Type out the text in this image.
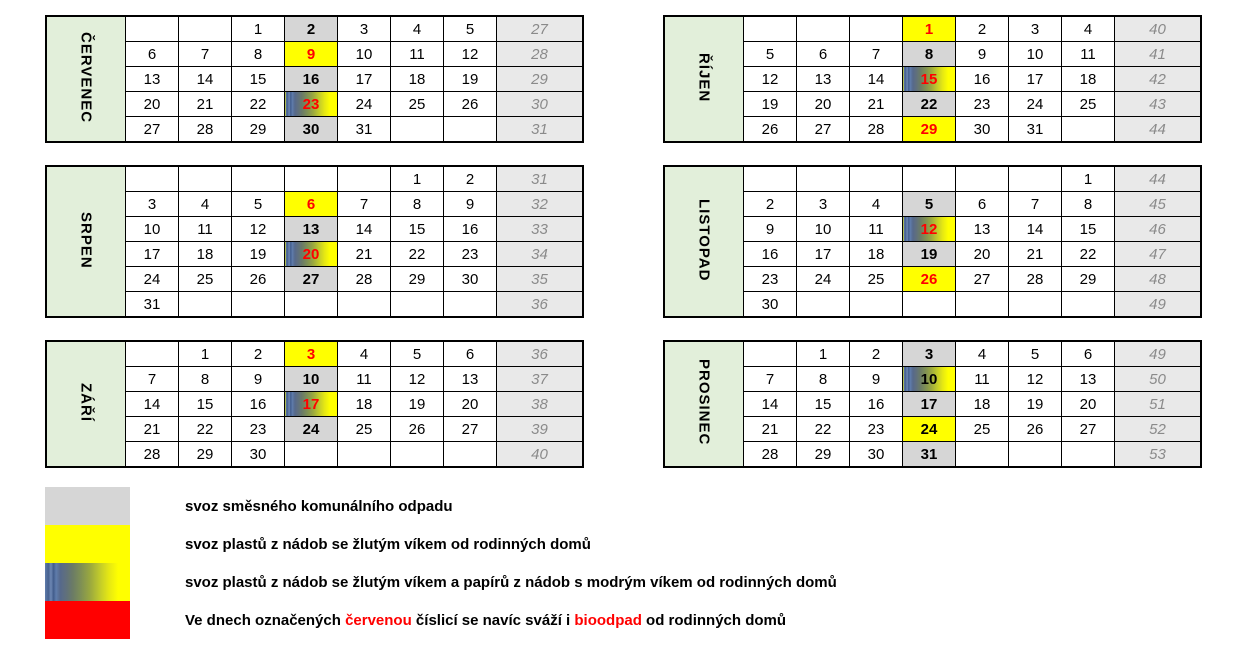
ČERVENEC			1	2	3	4	5	27
	6	7	8	9	10	11	12	28
	13	14	15	16	17	18	19	29
	20	21	22	23	24	25	26	30
	27	28	29	30	31			31
ŘÍJEN				1	2	3	4	40
	5	6	7	8	9	10	11	41
	12	13	14	15	16	17	18	42
	19	20	21	22	23	24	25	43
	26	27	28	29	30	31		44
SRPEN						1	2	31
	3	4	5	6	7	8	9	32
	10	11	12	13	14	15	16	33
	17	18	19	20	21	22	23	34
	24	25	26	27	28	29	30	35
	31							36
LISTOPAD							1	44
	2	3	4	5	6	7	8	45
	9	10	11	12	13	14	15	46
	16	17	18	19	20	21	22	47
	23	24	25	26	27	28	29	48
	30							49
ZÁŘÍ		1	2	3	4	5	6	36
	7	8	9	10	11	12	13	37
	14	15	16	17	18	19	20	38
	21	22	23	24	25	26	27	39
	28	29	30					40
PROSINEC		1	2	3	4	5	6	49
	7	8	9	10	11	12	13	50
	14	15	16	17	18	19	20	51
	21	22	23	24	25	26	27	52
	28	29	30	31				53
svoz směsného komunálního odpadu
svoz plastů z nádob se žlutým víkem od rodinných domů
svoz plastů z nádob se žlutým víkem a papírů z nádob s modrým víkem od rodinných domů
Ve dnech označených červenou číslicí se navíc sváží i bioodpad od rodinných domů
